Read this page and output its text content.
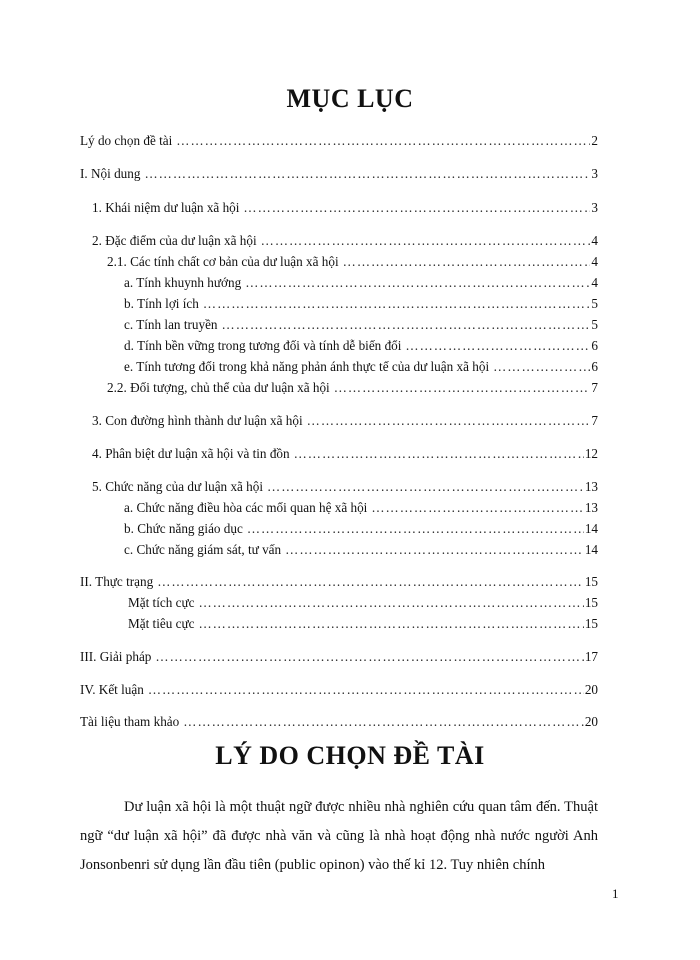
MỤC LỤC
Lý do chọn đề tài …………………………………………………………………………………………………………………………………………………………………………………	2
I. Nội dung …………………………………………………………………………………………………………………………………………………………………………………	3
1. Khái niệm dư luận xã hội …………………………………………………………………………………………………………………………………………………………………………………	3
2. Đặc điểm của dư luận xã hội …………………………………………………………………………………………………………………………………………………………………………………	4
2.1. Các tính chất cơ bản của dư luận xã hội …………………………………………………………………………………………………………………………………………………………………………………	4
a. Tính khuynh hướng …………………………………………………………………………………………………………………………………………………………………………………	4
b. Tính lợi ích …………………………………………………………………………………………………………………………………………………………………………………	5
c. Tính lan truyền …………………………………………………………………………………………………………………………………………………………………………………	5
d. Tính bền vững trong tương đối và tính dễ biến đổi …………………………………………………………………………………………………………………………………………………………………………………	6
e. Tính tương đối trong khả năng phản ánh thực tế của dư luận xã hội …………………………………………………………………………………………………………………………………………………………………………………	6
2.2. Đối tượng, chủ thể của dư luận xã hội …………………………………………………………………………………………………………………………………………………………………………………	7
3. Con đường hình thành dư luận xã hội …………………………………………………………………………………………………………………………………………………………………………………	7
4. Phân biệt dư luận xã hội và tin đồn …………………………………………………………………………………………………………………………………………………………………………………	12
5. Chức năng của dư luận xã hội …………………………………………………………………………………………………………………………………………………………………………………	13
a. Chức năng điều hòa các mối quan hệ xã hội …………………………………………………………………………………………………………………………………………………………………………………	13
b. Chức năng giáo dục …………………………………………………………………………………………………………………………………………………………………………………	14
c. Chức năng giám sát, tư vấn …………………………………………………………………………………………………………………………………………………………………………………	14
II. Thực trạng …………………………………………………………………………………………………………………………………………………………………………………	15
Mặt tích cực …………………………………………………………………………………………………………………………………………………………………………………	15
Mặt tiêu cực …………………………………………………………………………………………………………………………………………………………………………………	15
III. Giải pháp …………………………………………………………………………………………………………………………………………………………………………………	17
IV. Kết luận …………………………………………………………………………………………………………………………………………………………………………………	20
Tài liệu tham khảo …………………………………………………………………………………………………………………………………………………………………………………	20
LÝ DO CHỌN ĐỀ TÀI

Dư luận xã hội là một thuật ngữ được nhiều nhà nghiên cứu quan tâm đến. Thuật ngữ “dư luận xã hội” đã được nhà văn và cũng là nhà hoạt động nhà nước người Anh Jonsonbenri sử dụng lần đầu tiên (public opinon) vào thế kỉ 12. Tuy nhiên chính

1
